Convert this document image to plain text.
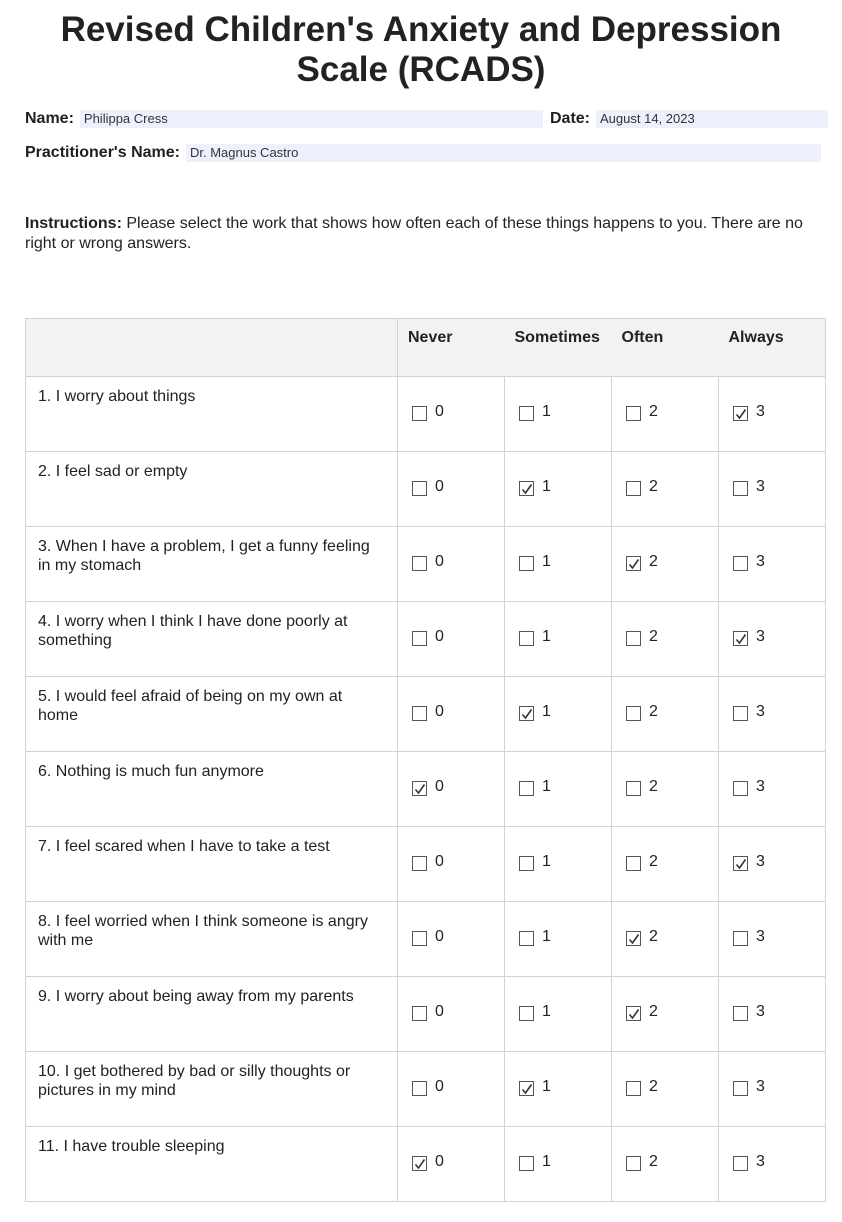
Revised Children's Anxiety and Depression
Scale (RCADS)
Name: Philippa Cress	Date: August 14, 2023
Practitioner's Name: Dr. Magnus Castro
Instructions: Please select the work that shows how often each of these things happens to you. There are no right or wrong answers.
	Never	Sometimes	Often	Always
1. I worry about things	0	1	2	3

2. I feel sad or empty	0	1	2	3

3. When I have a problem, I get a funny feeling in my stomach	0	1	2	3

4. I worry when I think I have done poorly at something	0	1	2	3

5. I would feel afraid of being on my own at home	0	1	2	3

6. Nothing is much fun anymore	0	1	2	3

7. I feel scared when I have to take a test	0	1	2	3

8. I feel worried when I think someone is angry with me	0	1	2	3

9. I worry about being away from my parents	0	1	2	3

10. I get bothered by bad or silly thoughts or pictures in my mind	0	1	2	3

11. I have trouble sleeping	0	1	2	3
